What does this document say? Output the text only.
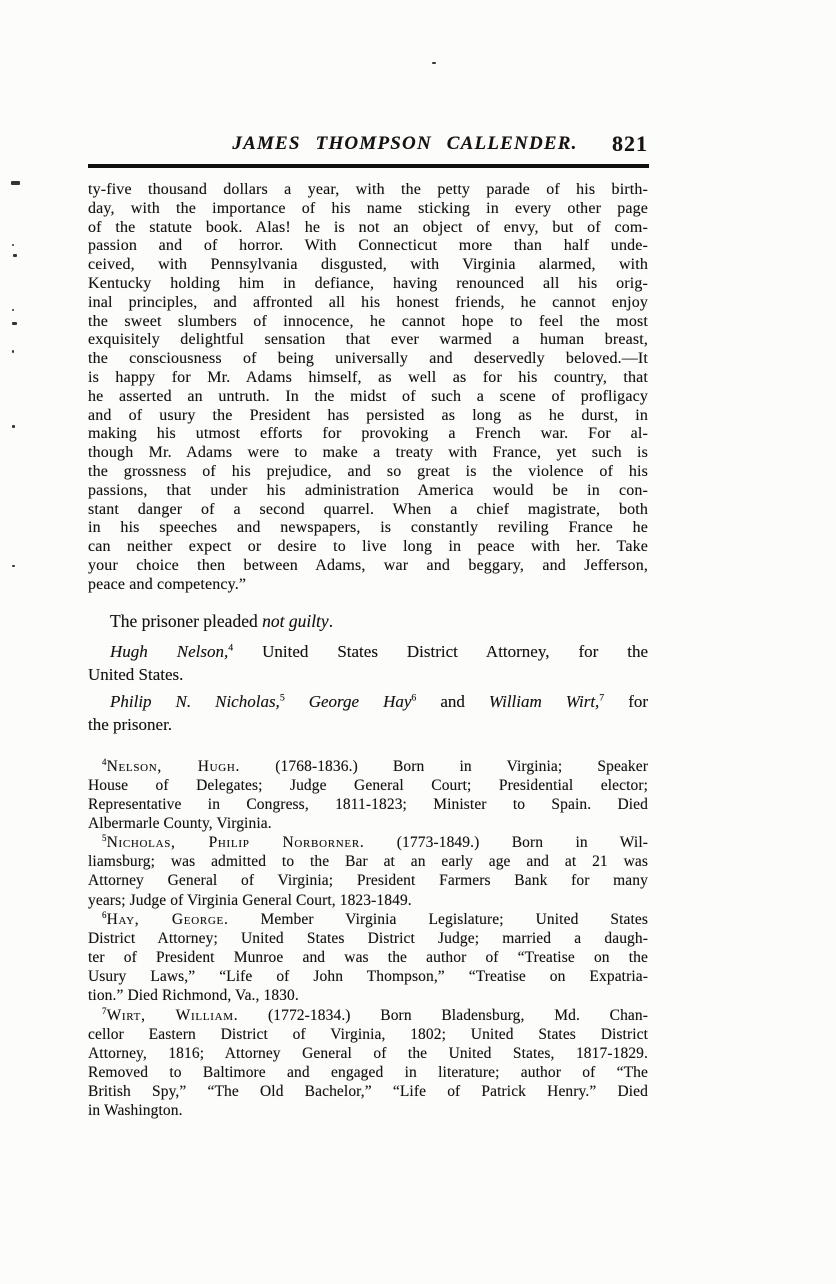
JAMES THOMPSON CALLENDER.	821
ty-five thousand dollars a year, with the petty parade of his birth-
day, with the importance of his name sticking in every other page
of the statute book. Alas! he is not an object of envy, but of com-
passion and of horror. With Connecticut more than half unde-
ceived, with Pennsylvania disgusted, with Virginia alarmed, with
Kentucky holding him in defiance, having renounced all his orig-
inal principles, and affronted all his honest friends, he cannot enjoy
the sweet slumbers of innocence, he cannot hope to feel the most
exquisitely delightful sensation that ever warmed a human breast,
the consciousness of being universally and deservedly beloved.—It
is happy for Mr. Adams himself, as well as for his country, that
he asserted an untruth. In the midst of such a scene of profligacy
and of usury the President has persisted as long as he durst, in
making his utmost efforts for provoking a French war. For al-
though Mr. Adams were to make a treaty with France, yet such is
the grossness of his prejudice, and so great is the violence of his
passions, that under his administration America would be in con-
stant danger of a second quarrel. When a chief magistrate, both
in his speeches and newspapers, is constantly reviling France he
can neither expect or desire to live long in peace with her. Take
your choice then between Adams, war and beggary, and Jefferson,
peace and competency.”

The prisoner pleaded not guilty.

Hugh Nelson,$^4$ United States District Attorney, for the
United States.

Philip N. Nicholas,$^5$ George Hay$^6$ and William Wirt,$^7$ for
the prisoner.

$^4$Nelson, Hugh. (1768-1836.) Born in Virginia; Speaker
House of Delegates; Judge General Court; Presidential elector;
Representative in Congress, 1811-1823; Minister to Spain. Died
Albermarle County, Virginia.
$^5$Nicholas, Philip Norborner. (1773-1849.) Born in Wil-
liamsburg; was admitted to the Bar at an early age and at 21 was
Attorney General of Virginia; President Farmers Bank for many
years; Judge of Virginia General Court, 1823-1849.
$^6$Hay, George. Member Virginia Legislature; United States
District Attorney; United States District Judge; married a daugh-
ter of President Munroe and was the author of “Treatise on the
Usury Laws,” “Life of John Thompson,” “Treatise on Expatria-
tion.” Died Richmond, Va., 1830.
$^7$Wirt, William. (1772-1834.) Born Bladensburg, Md. Chan-
cellor Eastern District of Virginia, 1802; United States District
Attorney, 1816; Attorney General of the United States, 1817-1829.
Removed to Baltimore and engaged in literature; author of “The
British Spy,” “The Old Bachelor,” “Life of Patrick Henry.” Died
in Washington.
